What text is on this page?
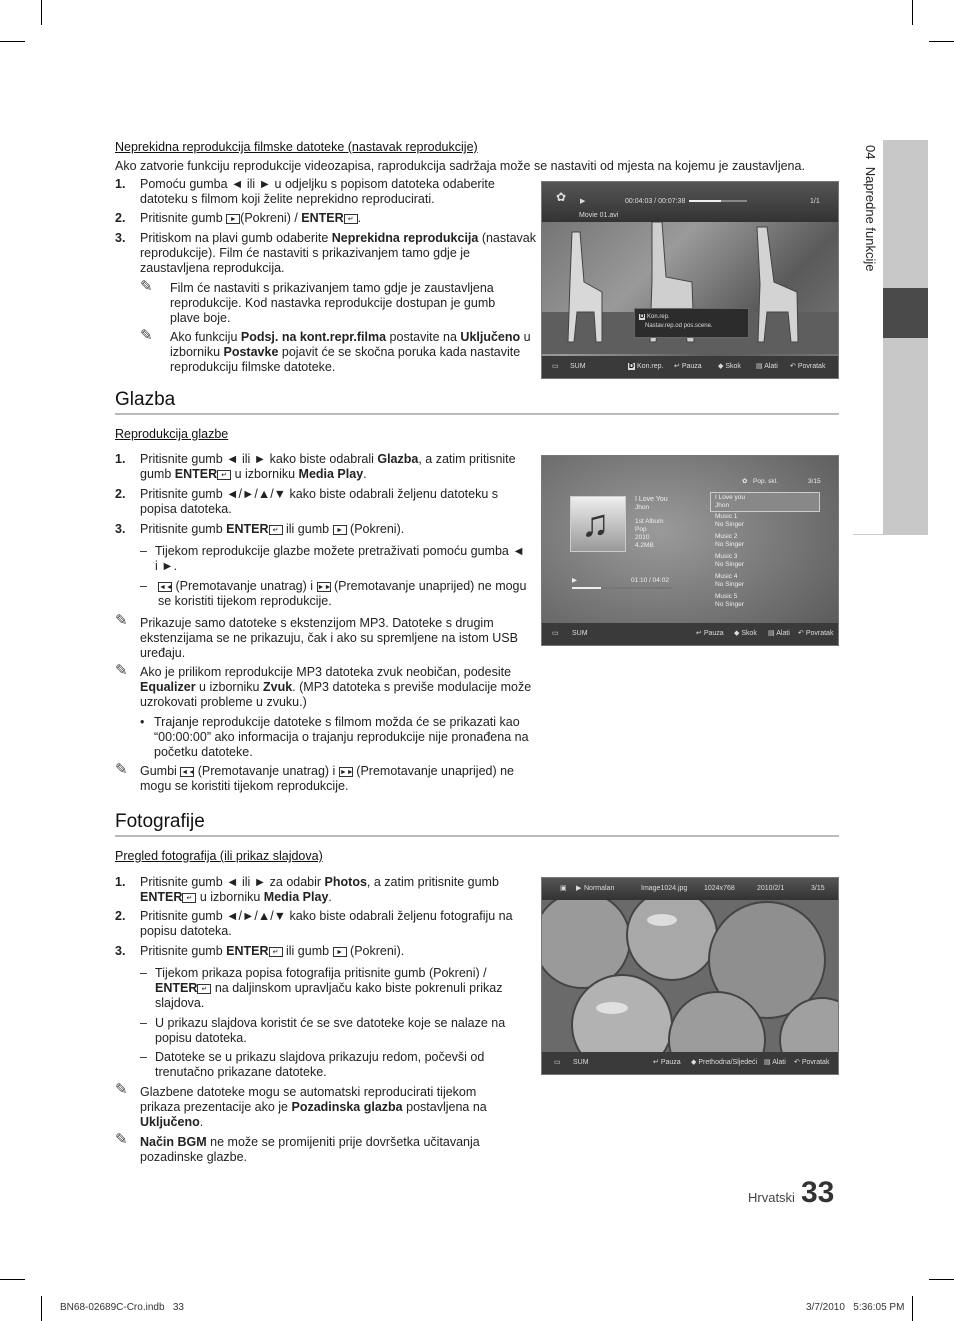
04  Napredne funkcije
Neprekidna reprodukcija filmske datoteke (nastavak reprodukcije)
Ako zatvorie funkciju reprodukcije videozapisa, raprodukcija sadržaja može se nastaviti od mjesta na kojemu je zaustavljena.
1. Pomoću gumba ◄ ili ► u odjeljku s popisom datoteka odaberite datoteku s filmom koji želite neprekidno reproducirati.
2. Pritisnite gumb ► (Pokreni) / ENTER ↵ .
3. Pritiskom na plavi gumb odaberite Neprekidna reprodukcija (nastavak reprodukcije). Film će nastaviti s prikazivanjem tamo gdje je zaustavljena reprodukcija.
✎ Film će nastaviti s prikazivanjem tamo gdje je zaustavljena reprodukcije. Kod nastavka reprodukcije dostupan je gumb plave boje.
✎ Ako funkciju Podsj. na kont.repr.filma postavite na Uključeno u izborniku Postavke pojavit će se skočna poruka kada nastavite reprodukciju filmske datoteke.
✿ ▶	00:04:03 / 00:07:38	1/1
Movie 01.avi
D Kon.rep.
Nastav.rep.od pos.scene.
▭ SUM	D Kon.rep. ↵ Pauza ◆ Skok ▤ Alati ↶ Povratak
Glazba
Reprodukcija glazbe
1. Pritisnite gumb ◄ ili ► kako biste odabrali Glazba, a zatim pritisnite gumb ENTER ↵ u izborniku Media Play.
2. Pritisnite gumb ◄/►/▲/▼ kako biste odabrali željenu datoteku s popisa datoteka.
3. Pritisnite gumb ENTER ↵ ili gumb ► (Pokreni).
– Tijekom reprodukcije glazbe možete pretraživati pomoću gumba ◄ i ►.
– ◄◄ (Premotavanje unatrag) i ►► (Premotavanje unaprijed) ne mogu se koristiti tijekom reprodukcije.
✎ Prikazuje samo datoteke s ekstenzijom MP3. Datoteke s drugim ekstenzijama se ne prikazuju, čak i ako su spremljene na istom USB uređaju.
✎ Ako je prilikom reprodukcije MP3 datoteka zvuk neobičan, podesite Equalizer u izborniku Zvuk. (MP3 datoteka s previše modulacije može uzrokovati probleme u zvuku.)
• Trajanje reprodukcije datoteke s filmom možda će se prikazati kao “00:00:00” ako informacija o trajanju reprodukcije nije pronađena na početku datoteke.
✎ Gumbi ◄◄ (Premotavanje unatrag) i ►► (Premotavanje unaprijed) ne mogu se koristiti tijekom reprodukcije.
✿ Pop. skl.	3/15
♫
I Love You
Jhon
1st Album
Pop
2010
4.2MB
▶	01:10 / 04:02
I Love you
Jhon
Music 1
No Singer
Music 2
No Singer
Music 3
No Singer
Music 4
No Singer
Music 5
No Singer
▭ SUM	↵ Pauza ◆ Skok ▤ Alati ↶ Povratak
Fotografije
Pregled fotografija (ili prikaz slajdova)
1. Pritisnite gumb ◄ ili ► za odabir Photos, a zatim pritisnite gumb ENTER ↵ u izborniku Media Play.
2. Pritisnite gumb ◄/►/▲/▼ kako biste odabrali željenu fotografiju na popisu datoteka.
3. Pritisnite gumb ENTER ↵ ili gumb ► (Pokreni).
– Tijekom prikaza popisa fotografija pritisnite gumb (Pokreni) / ENTER ↵ na daljinskom upravljaču kako biste pokrenuli prikaz slajdova.
– U prikazu slajdova koristit će se sve datoteke koje se nalaze na popisu datoteka.
– Datoteke se u prikazu slajdova prikazuju redom, počevši od trenutačno prikazane datoteke.
✎ Glazbene datoteke mogu se automatski reproducirati tijekom prikaza prezentacije ako je Pozadinska glazba postavljena na Uključeno.
✎ Način BGM ne može se promijeniti prije dovršetka učitavanja pozadinske glazbe.
▣ ▶ Normalan	Image1024.jpg 1024x768	2010/2/1	3/15
▭ SUM	↵ Pauza ◆ Prethodna/Sljedeći ▤ Alati ↶ Povratak
Hrvatski 33
BN68-02689C-Cro.indb   33	3/7/2010   5:36:05 PM
